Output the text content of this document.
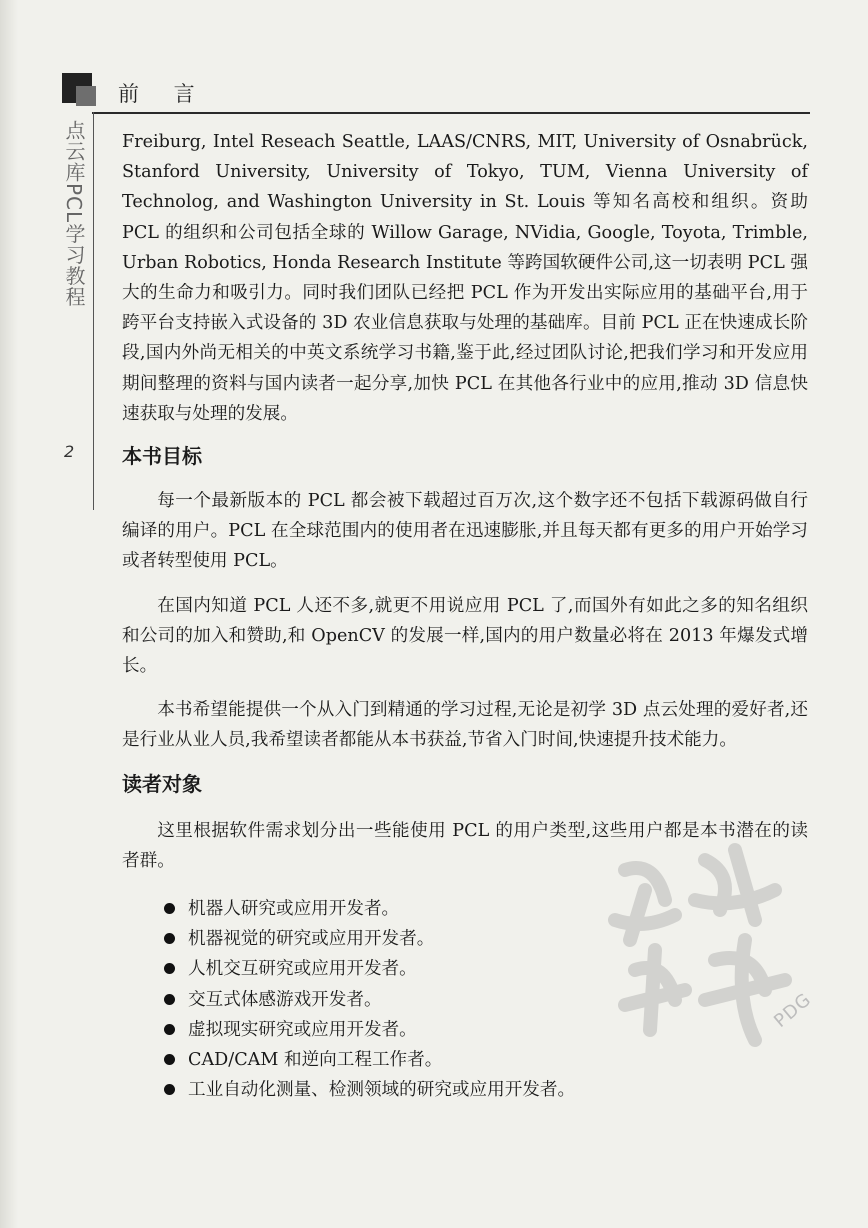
前 言
点云库PCL学习教程
2

Freiburg, Intel Reseach Seattle, LAAS/CNRS, MIT, University of Osnabrück, Stanford University, University of Tokyo, TUM, Vienna University of Technolog, and Washington University in St. Louis 等知名高校和组织。资助 PCL 的组织和公司包括全球的 Willow Garage, NVidia, Google, Toyota, Trimble, Urban Robotics, Honda Research Institute 等跨国软硬件公司,这一切表明 PCL 强大的生命力和吸引力。同时我们团队已经把 PCL 作为开发出实际应用的基础平台,用于跨平台支持嵌入式设备的 3D 农业信息获取与处理的基础库。目前 PCL 正在快速成长阶段,国内外尚无相关的中英文系统学习书籍,鉴于此,经过团队讨论,把我们学习和开发应用期间整理的资料与国内读者一起分享,加快 PCL 在其他各行业中的应用,推动 3D 信息快速获取与处理的发展。

本书目标

每一个最新版本的 PCL 都会被下载超过百万次,这个数字还不包括下载源码做自行编译的用户。PCL 在全球范围内的使用者在迅速膨胀,并且每天都有更多的用户开始学习或者转型使用 PCL。

在国内知道 PCL 人还不多,就更不用说应用 PCL 了,而国外有如此之多的知名组织和公司的加入和赞助,和 OpenCV 的发展一样,国内的用户数量必将在 2013 年爆发式增长。

本书希望能提供一个从入门到精通的学习过程,无论是初学 3D 点云处理的爱好者,还是行业从业人员,我希望读者都能从本书获益,节省入门时间,快速提升技术能力。

读者对象

这里根据软件需求划分出一些能使用 PCL 的用户类型,这些用户都是本书潜在的读者群。

机器人研究或应用开发者。
机器视觉的研究或应用开发者。
人机交互研究或应用开发者。
交互式体感游戏开发者。
虚拟现实研究或应用开发者。
CAD/CAM 和逆向工程工作者。
工业自动化测量、检测领域的研究或应用开发者。
PDG
